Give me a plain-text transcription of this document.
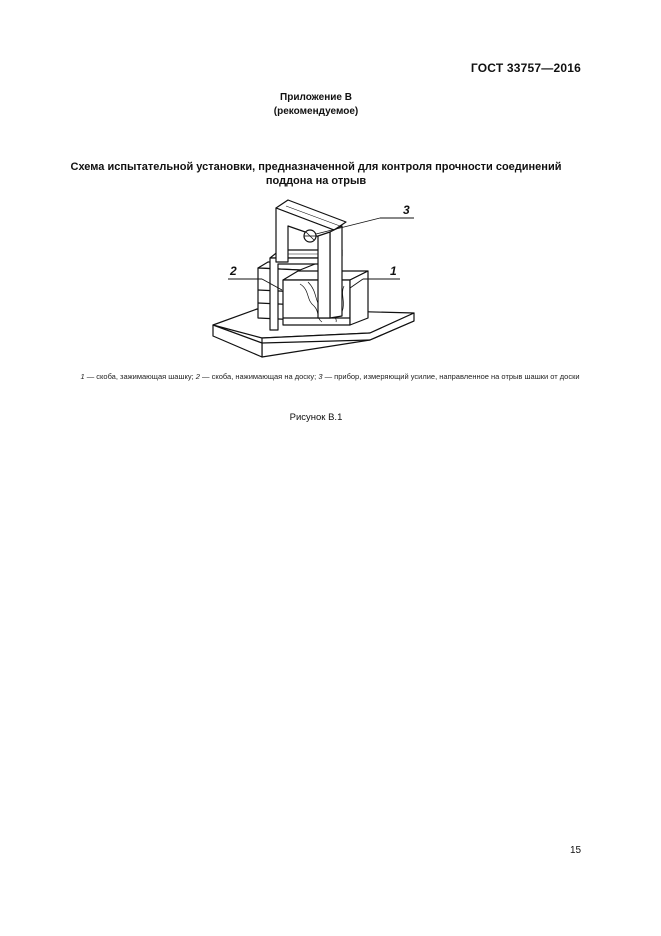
ГОСТ 33757—2016
Приложение В
(рекомендуемое)
Схема испытательной установки, предназначенной для контроля прочности соединений поддона на отрыв
3
2	1
1 — скоба, зажимающая шашку; 2 — скоба, нажимающая на доску; 3 — прибор, измеряющий усилие, направленное на отрыв шашки от доски
Рисунок В.1
15
